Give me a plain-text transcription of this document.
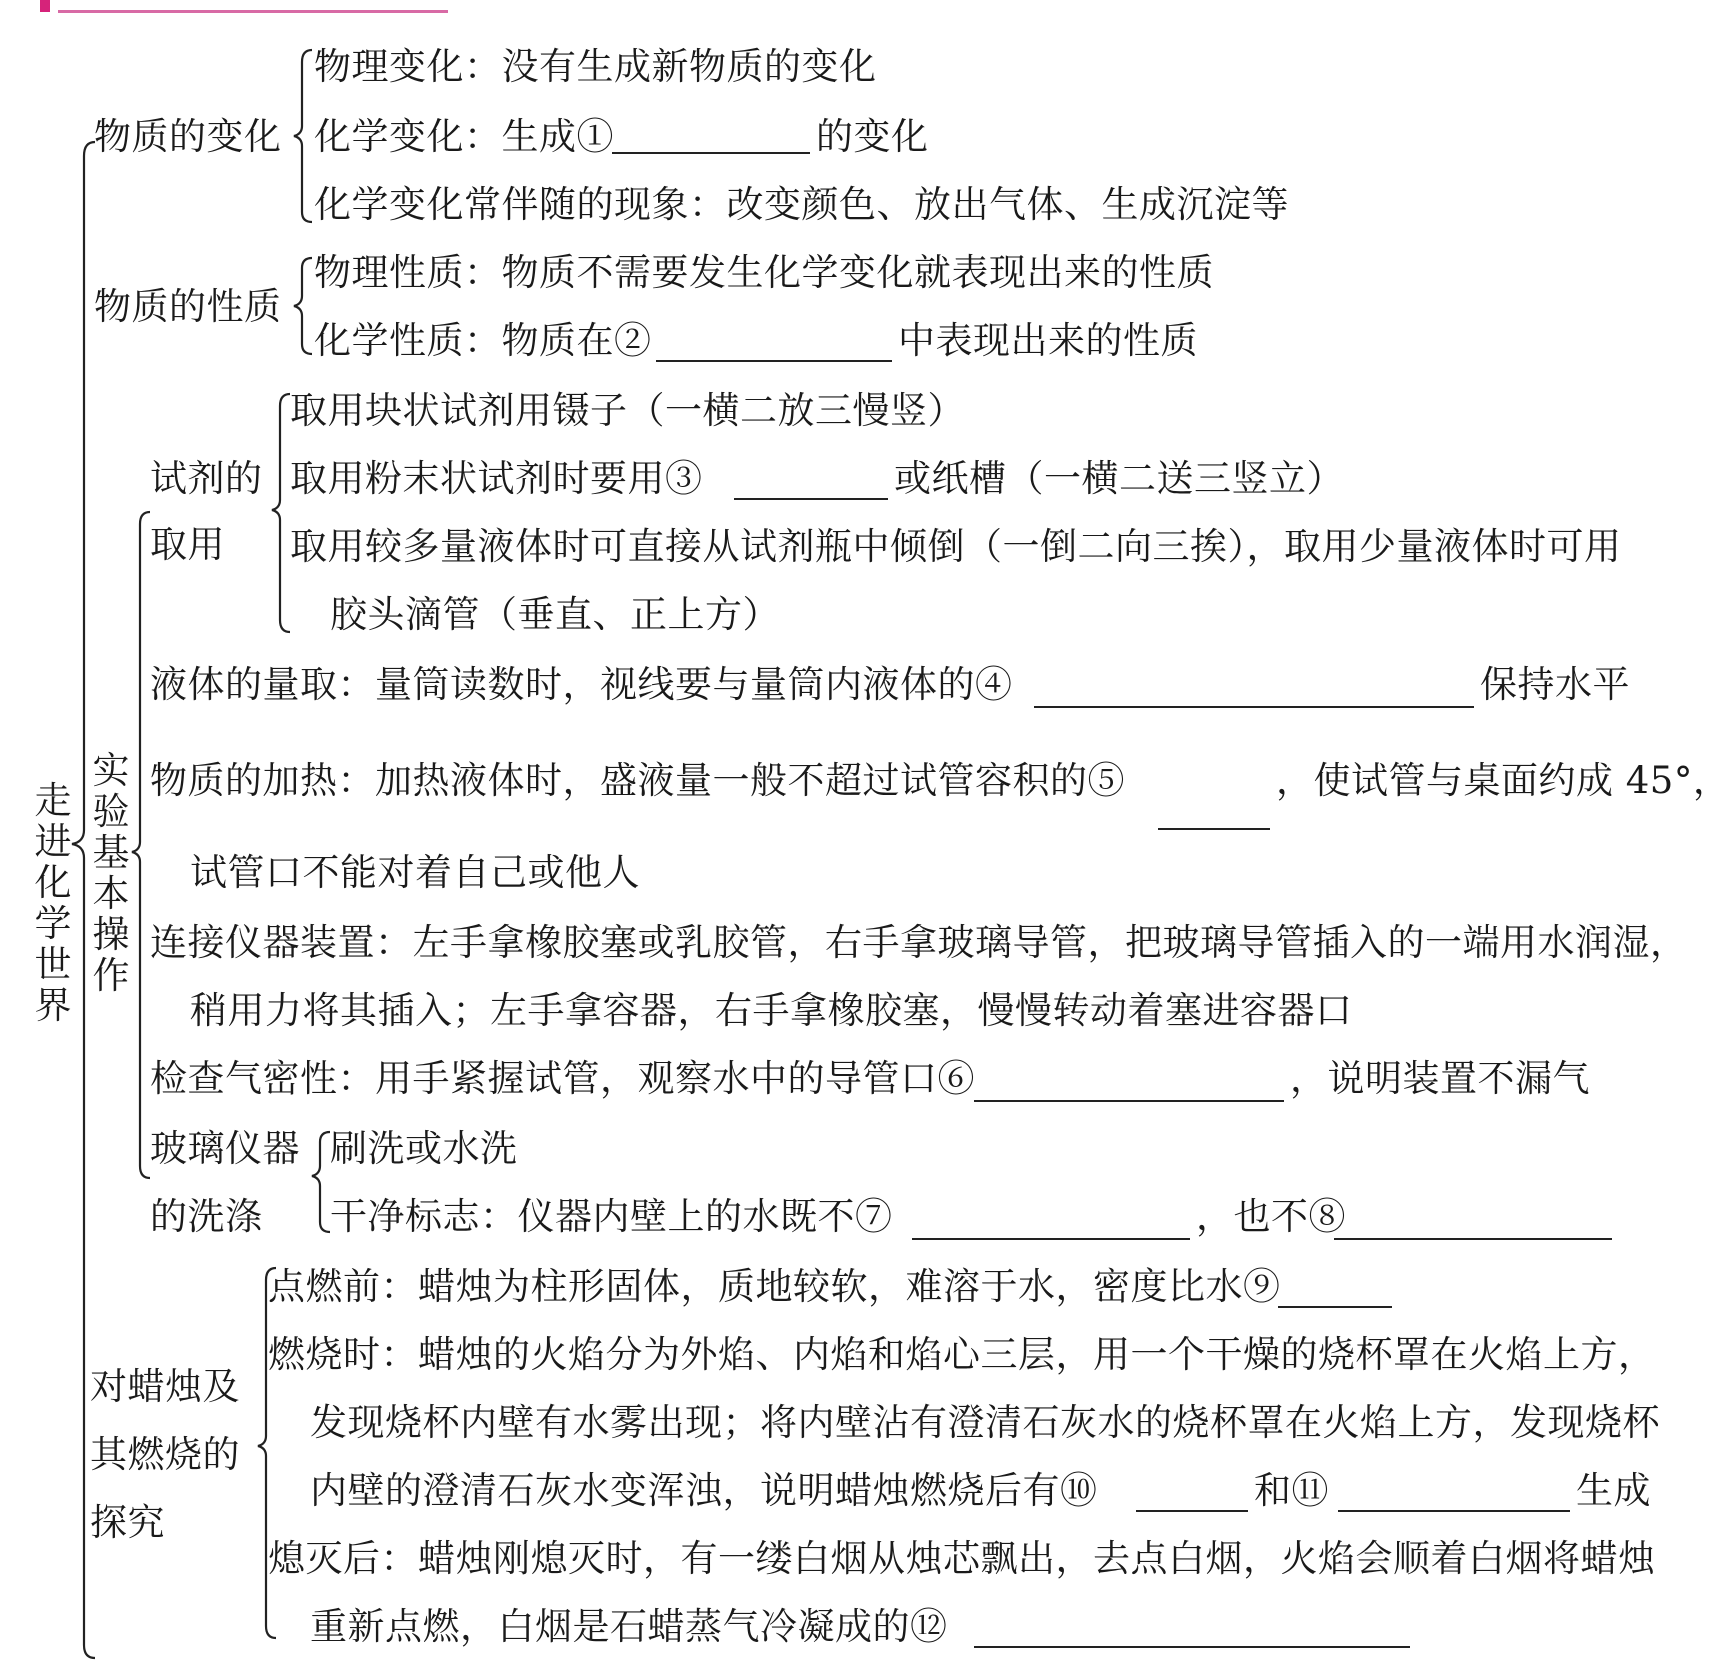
走进化学世界
物质的变化
物理变化：没有生成新物质的变化
化学变化：生成①	的变化
化学变化常伴随的现象：改变颜色、放出气体、生成沉淀等
物质的性质
物理性质：物质不需要发生化学变化就表现出来的性质
化学性质：物质在②	中表现出来的性质
实验基本操作
试剂的
取用
取用块状试剂用镊子（一横二放三慢竖）
取用粉末状试剂时要用③	或纸槽（一横二送三竖立）
取用较多量液体时可直接从试剂瓶中倾倒（一倒二向三挨），取用少量液体时可用
胶头滴管（垂直、正上方）
液体的量取：量筒读数时，视线要与量筒内液体的④	保持水平
物质的加热：加热液体时，盛液量一般不超过试管容积的⑤	，使试管与桌面约成 45°，
试管口不能对着自己或他人
连接仪器装置：左手拿橡胶塞或乳胶管，右手拿玻璃导管，把玻璃导管插入的一端用水润湿，
稍用力将其插入；左手拿容器，右手拿橡胶塞，慢慢转动着塞进容器口
检查气密性：用手紧握试管，观察水中的导管口⑥	，说明装置不漏气
玻璃仪器
的洗涤
刷洗或水洗
干净标志：仪器内壁上的水既不⑦	，也不⑧
对蜡烛及
其燃烧的
探究
点燃前：蜡烛为柱形固体，质地较软，难溶于水，密度比水⑨
燃烧时：蜡烛的火焰分为外焰、内焰和焰心三层，用一个干燥的烧杯罩在火焰上方，
发现烧杯内壁有水雾出现；将内壁沾有澄清石灰水的烧杯罩在火焰上方，发现烧杯
内壁的澄清石灰水变浑浊，说明蜡烛燃烧后有⑩	和⑪	生成
熄灭后：蜡烛刚熄灭时，有一缕白烟从烛芯飘出，去点白烟，火焰会顺着白烟将蜡烛
重新点燃，白烟是石蜡蒸气冷凝成的⑫
